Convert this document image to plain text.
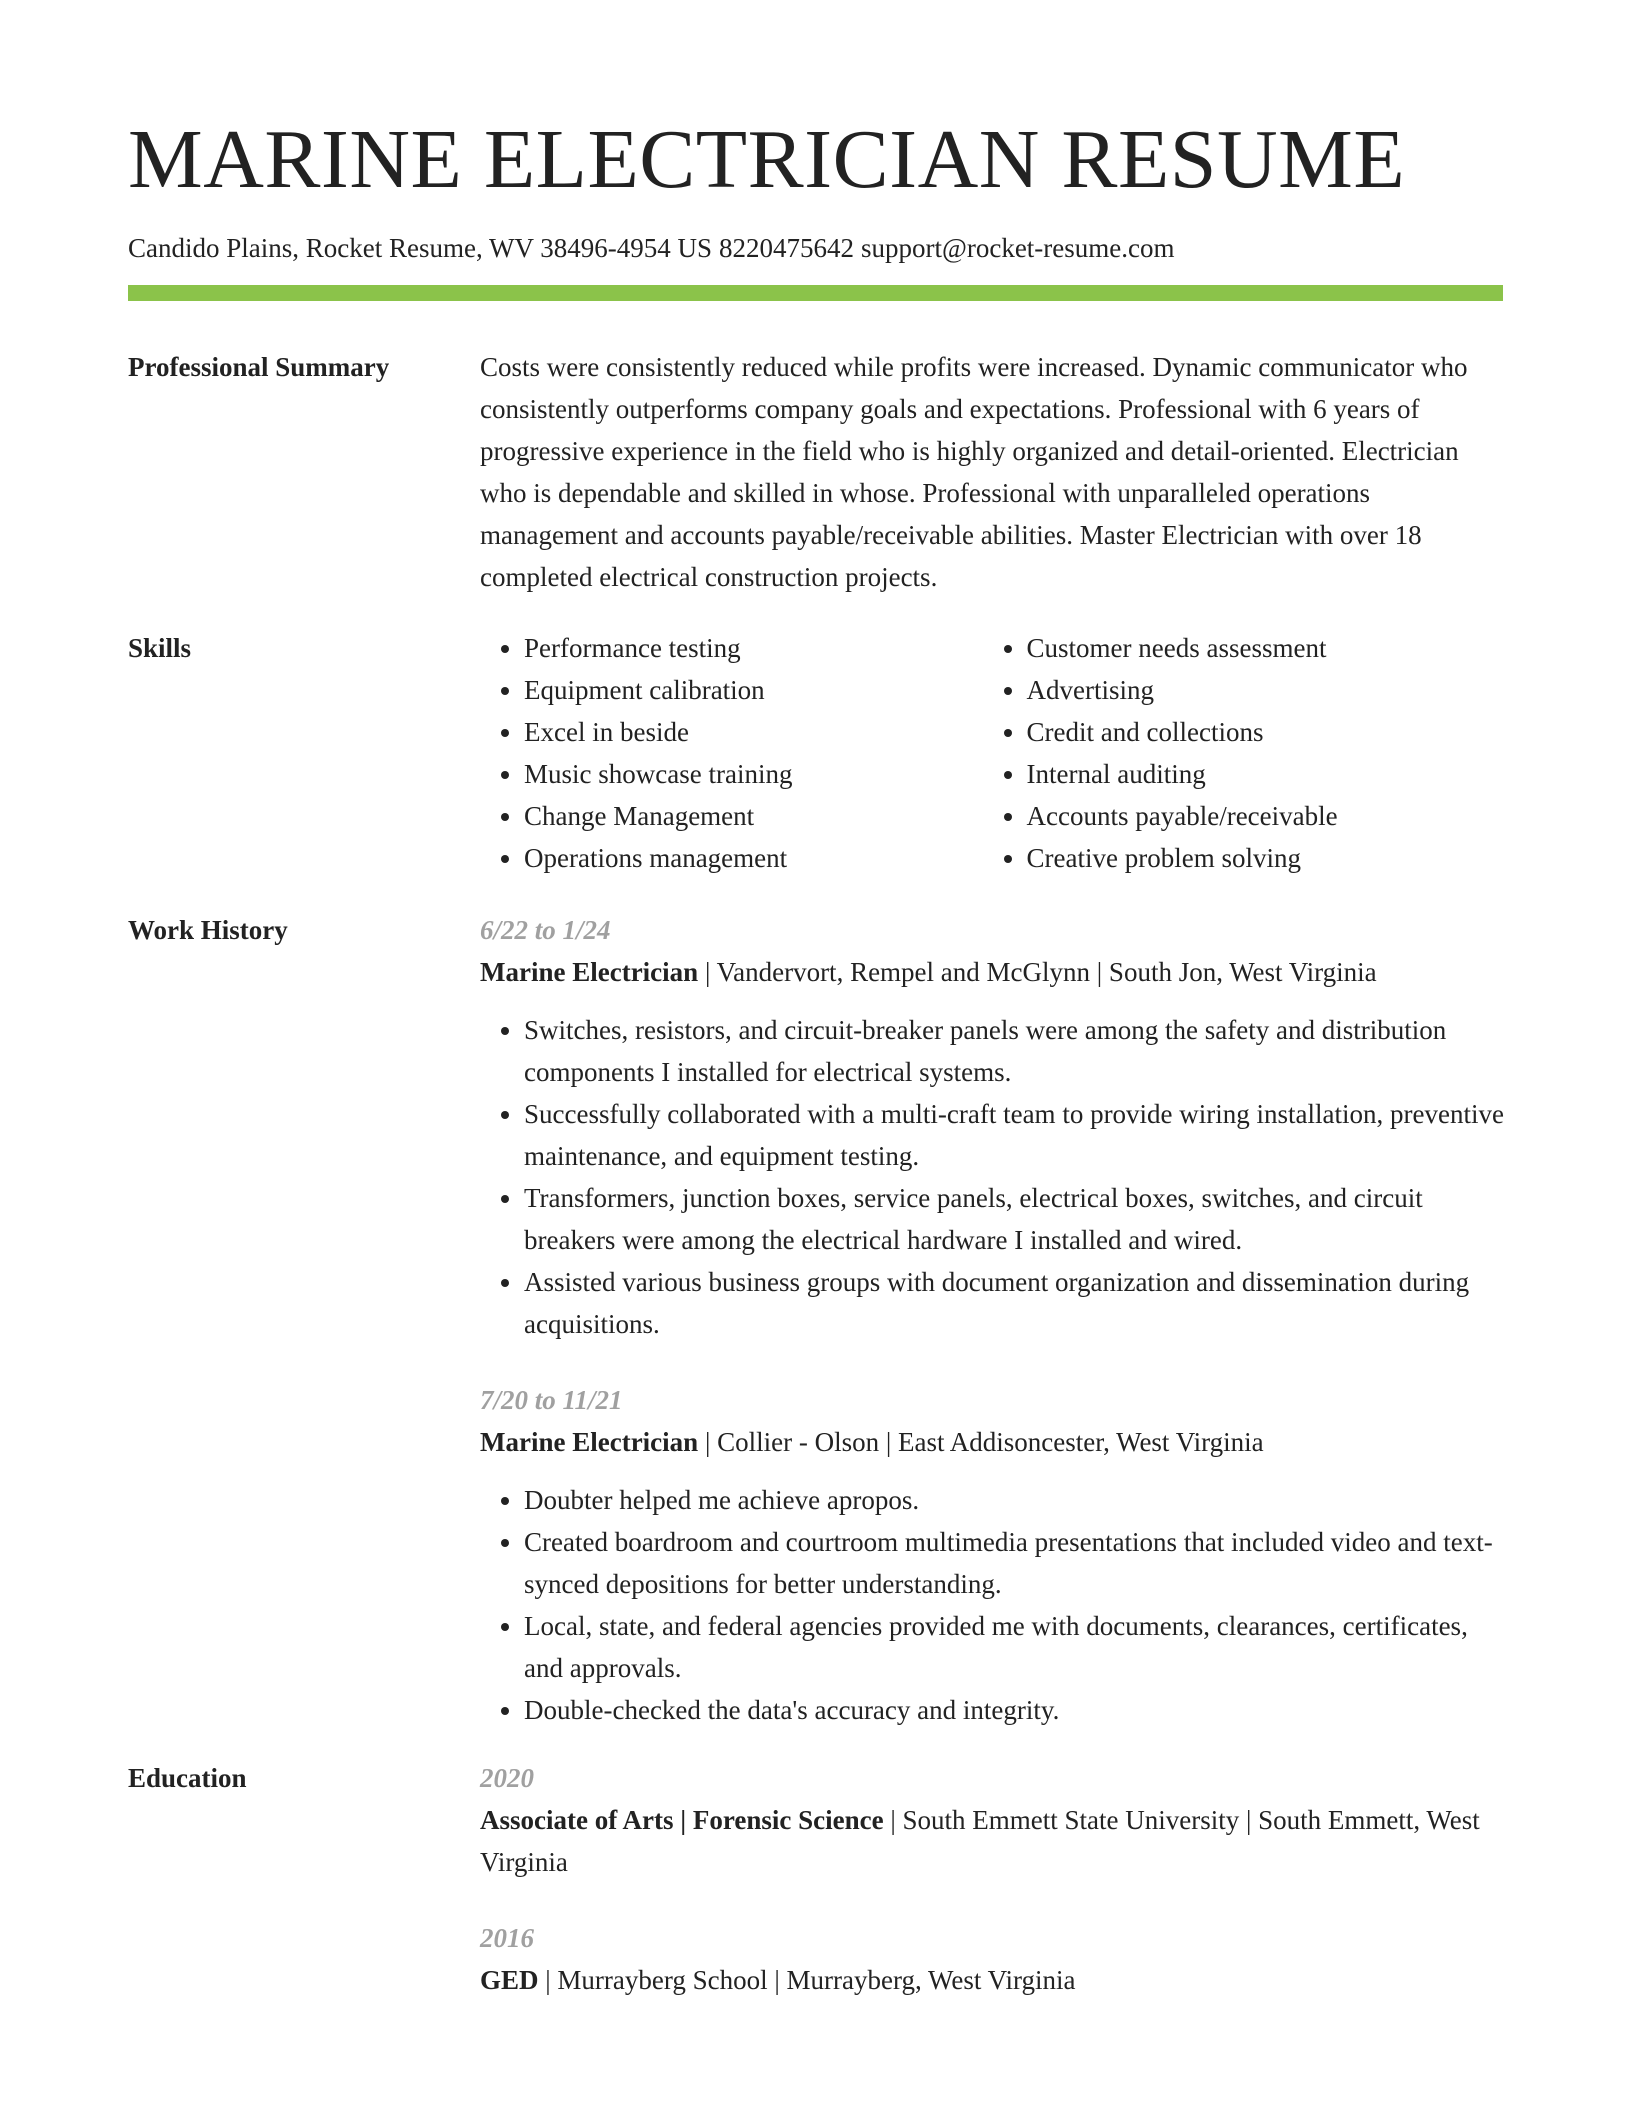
MARINE ELECTRICIAN RESUME
Candido Plains, Rocket Resume, WV 38496-4954 US 8220475642 support@rocket-resume.com
Professional Summary	Costs were consistently reduced while profits were increased. Dynamic communicator who consistently outperforms company goals and expectations. Professional with 6 years of progressive experience in the field who is highly organized and detail-oriented. Electrician who is dependable and skilled in whose. Professional with unparalleled operations management and accounts payable/receivable abilities. Master Electrician with over 18 completed electrical construction projects.

Skills
•	Performance testing
• Equipment calibration
• Excel in beside
• Music showcase training
• Change Management
• Operations management
• Customer needs assessment
• Advertising
• Credit and collections
• Internal auditing
• Accounts payable/receivable
• Creative problem solving
Work History	6/22 to 1/24
Marine Electrician | Vandervort, Rempel and McGlynn | South Jon, West Virginia
• Switches, resistors, and circuit-breaker panels were among the safety and distribution components I installed for electrical systems.
• Successfully collaborated with a multi-craft team to provide wiring installation, preventive maintenance, and equipment testing.
• Transformers, junction boxes, service panels, electrical boxes, switches, and circuit breakers were among the electrical hardware I installed and wired.
• Assisted various business groups with document organization and dissemination during acquisitions.
7/20 to 11/21
Marine Electrician | Collier - Olson | East Addisoncester, West Virginia
• Doubter helped me achieve apropos.
• Created boardroom and courtroom multimedia presentations that included video and text-synced depositions for better understanding.
• Local, state, and federal agencies provided me with documents, clearances, certificates, and approvals.
• Double-checked the data's accuracy and integrity.
Education	2020
Associate of Arts | Forensic Science | South Emmett State University | South Emmett, West Virginia
2016
GED | Murrayberg School | Murrayberg, West Virginia
